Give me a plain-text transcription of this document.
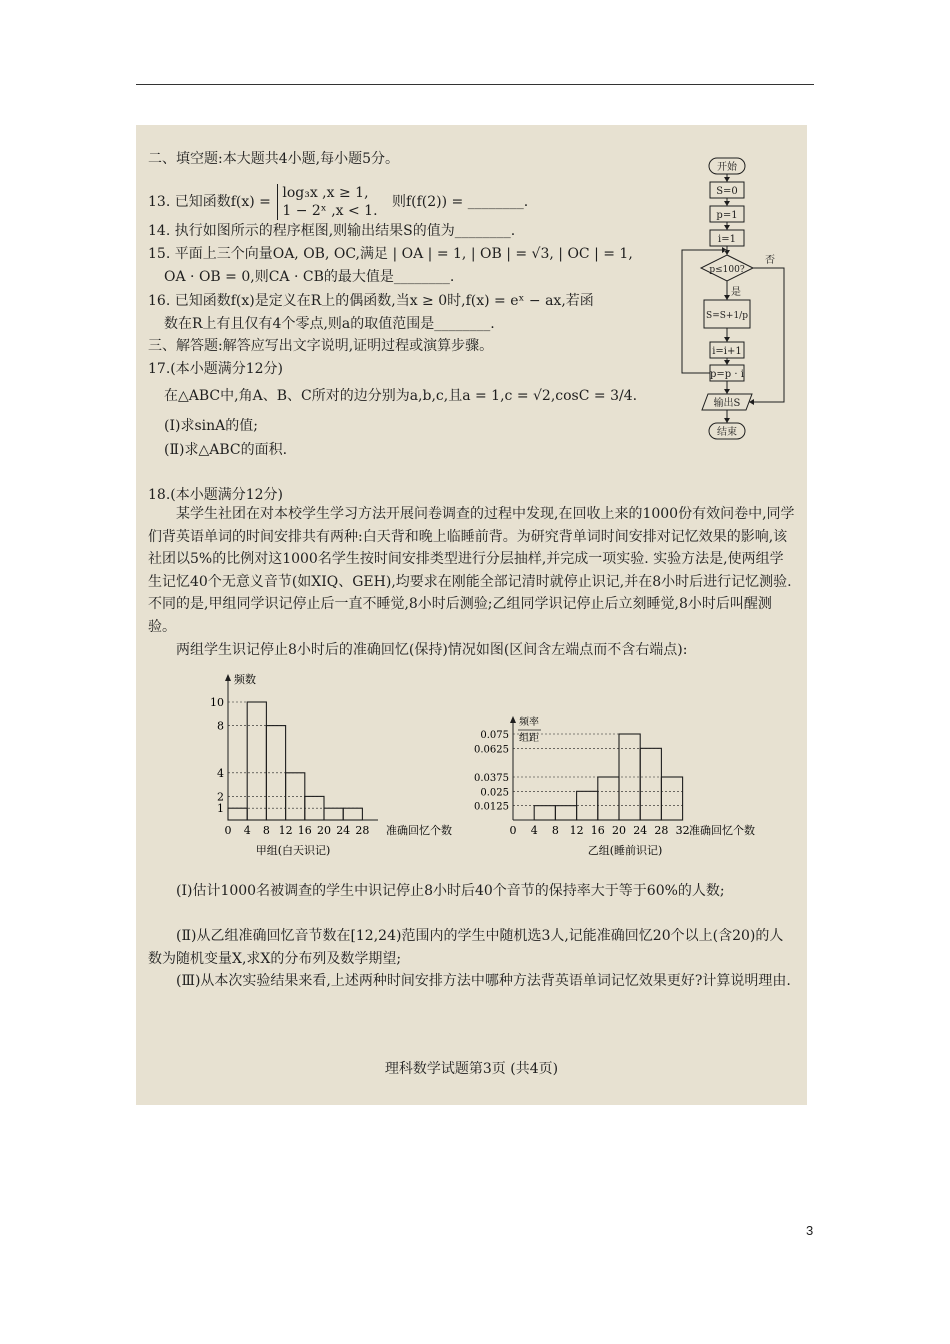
二、填空题:本大题共4小题,每小题5分。
13. 已知函数f(x) =
log₃x ,x ≥ 1,
1 − 2ˣ ,x < 1.
则f(f(2)) = ________.
14. 执行如图所示的程序框图,则输出结果S的值为________.
15. 平面上三个向量OA, OB, OC,满足 | OA | = 1, | OB | = √3, | OC | = 1,
OA · OB = 0,则CA · CB的最大值是________.
16. 已知函数f(x)是定义在R上的偶函数,当x ≥ 0时,f(x) = eˣ − ax,若函
数在R上有且仅有4个零点,则a的取值范围是________.
三、解答题:解答应写出文字说明,证明过程或演算步骤。
17.(本小题满分12分)
在△ABC中,角A、B、C所对的边分别为a,b,c,且a = 1,c = √2,cosC = 3/4.
(Ⅰ)求sinA的值;
(Ⅱ)求△ABC的面积.
18.(本小题满分12分)
某学生社团在对本校学生学习方法开展问卷调查的过程中发现,在回收上来的1000份有效问卷中,同学们背英语单词的时间安排共有两种:白天背和晚上临睡前背。为研究背单词时间安排对记忆效果的影响,该社团以5%的比例对这1000名学生按时间安排类型进行分层抽样,并完成一项实验. 实验方法是,使两组学生记忆40个无意义音节(如XIQ、GEH),均要求在刚能全部记清时就停止识记,并在8小时后进行记忆测验. 不同的是,甲组同学识记停止后一直不睡觉,8小时后测验;乙组同学识记停止后立刻睡觉,8小时后叫醒测验。
两组学生识记停止8小时后的准确回忆(保持)情况如图(区间含左端点而不含右端点):
开始
S=0
p=1
i=1
p≤100?
否
是
S=S+1/p
i=i+1
p=p · i
输出S
结束
频数
1
2
4
8
10
0 4 8 12 16 20 24 28 准确回忆个数
甲组(白天识记)
频率
组距
0.0125
0.025
0.0375
0.0625
0.075
0 4 8 12 16 20 24 28 32 准确回忆个数
乙组(睡前识记)
(Ⅰ)估计1000名被调查的学生中识记停止8小时后40个音节的保持率大于等于60%的人数;
(Ⅱ)从乙组准确回忆音节数在[12,24)范围内的学生中随机选3人,记能准确回忆20个以上(含20)的人数为随机变量X,求X的分布列及数学期望;
(Ⅲ)从本次实验结果来看,上述两种时间安排方法中哪种方法背英语单词记忆效果更好?计算说明理由.
理科数学试题第3页 (共4页)
3
